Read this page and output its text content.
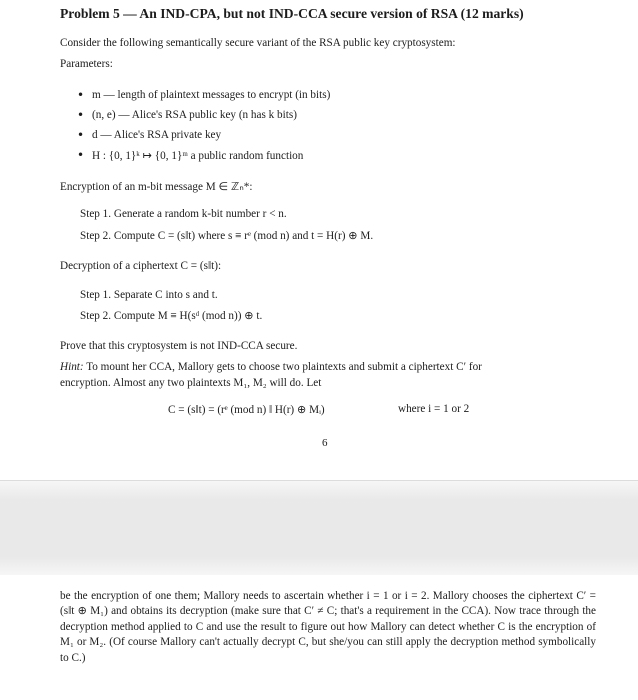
Problem 5 — An IND-CPA, but not IND-CCA secure version of RSA (12 marks)
Consider the following semantically secure variant of the RSA public key cryptosystem:
Parameters:
• m — length of plaintext messages to encrypt (in bits)
• (n, e) — Alice's RSA public key (n has k bits)
• d — Alice's RSA private key
• H : {0, 1}ᵏ ↦ {0, 1}ᵐ a public random function
Encryption of an m-bit message M ∈ ℤₙ*:
Step 1. Generate a random k-bit number r < n.
Step 2. Compute C = (s‖t) where s ≡ rᵉ (mod n) and t = H(r) ⊕ M.
Decryption of a ciphertext C = (s‖t):
Step 1. Separate C into s and t.
Step 2. Compute M ≡ H(sᵈ (mod n)) ⊕ t.
Prove that this cryptosystem is not IND-CCA secure.
Hint: To mount her CCA, Mallory gets to choose two plaintexts and submit a ciphertext C′ for
encryption. Almost any two plaintexts M₁, M₂ will do. Let
C = (s‖t) = (rᵉ (mod n) ‖ H(r) ⊕ Mᵢ)	where i = 1 or 2
6
be the encryption of one them; Mallory needs to ascertain whether i = 1 or i = 2. Mallory chooses the ciphertext C′ = (s‖t ⊕ M₁) and obtains its decryption (make sure that C′ ≠ C; that's a requirement in the CCA). Now trace through the decryption method applied to C and use the result to figure out how Mallory can detect whether C is the encryption of M₁ or M₂. (Of course Mallory can't actually decrypt C, but she/you can still apply the decryption method symbolically to C.)
